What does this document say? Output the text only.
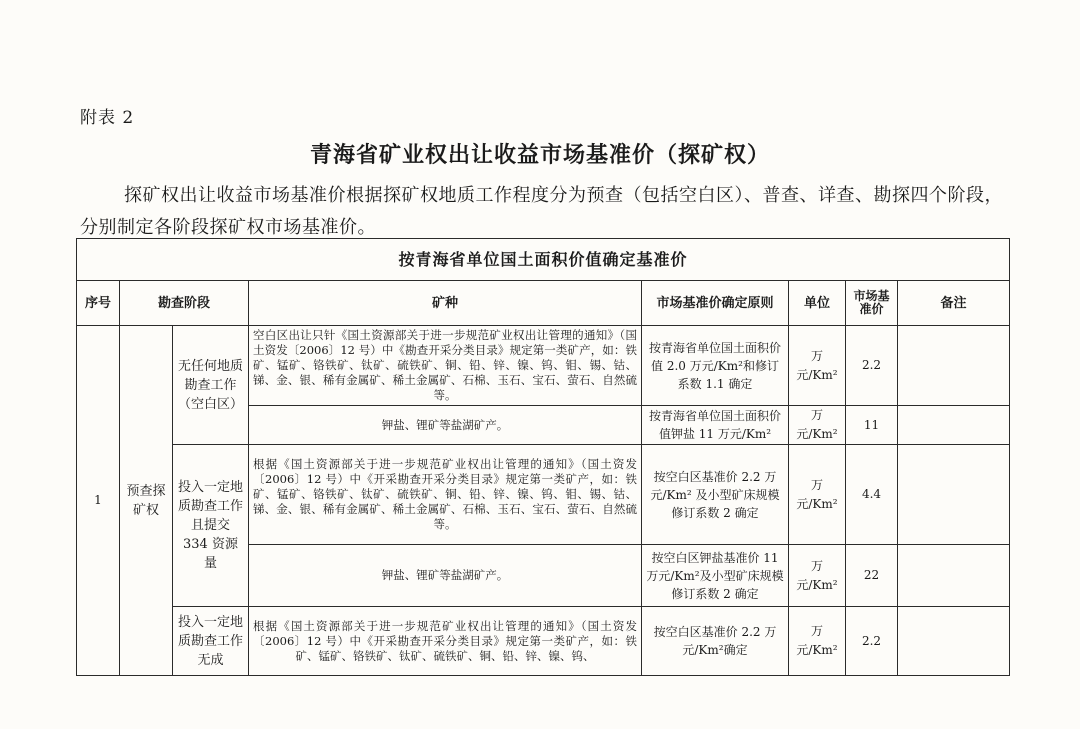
附表 2
青海省矿业权出让收益市场基准价（探矿权）

探矿权出让收益市场基准价根据探矿权地质工作程度分为预查（包括空白区）、普查、详查、勘探四个阶段，分别制定各阶段探矿权市场基准价。

按青海省单位国土面积价值确定基准价							
序号	勘查阶段		矿种	市场基准价确定原则	单位	市场基准价	备注
1	预查探矿权	无任何地质勘查工作（空白区）	空白区出让只针《国土资源部关于进一步规范矿业权出让管理的通知》（国土资发〔2006〕12 号）中《勘查开采分类目录》规定第一类矿产，如：铁矿、锰矿、铬铁矿、钛矿、硫铁矿、铜、铅、锌、镍、钨、钼、锡、钴、锑、金、银、稀有金属矿、稀土金属矿、石棉、玉石、宝石、萤石、自然硫等。	按青海省单位国土面积价值 2.0 万元/Km²和修订系数 1.1 确定	万元/Km²	2.2	
			钾盐、锂矿等盐湖矿产。	按青海省单位国土面积价值钾盐 11 万元/Km²	万元/Km²	11	
		投入一定地质勘查工作且提交 334 资源量	根据《国土资源部关于进一步规范矿业权出让管理的通知》（国土资发〔2006〕12 号）中《开采勘查开采分类目录》规定第一类矿产，如：铁矿、锰矿、铬铁矿、钛矿、硫铁矿、铜、铅、锌、镍、钨、钼、锡、钴、锑、金、银、稀有金属矿、稀土金属矿、石棉、玉石、宝石、萤石、自然硫等。	按空白区基准价 2.2 万元/Km² 及小型矿床规模修订系数 2 确定	万元/Km²	4.4	
			钾盐、锂矿等盐湖矿产。	按空白区钾盐基准价 11 万元/Km²及小型矿床规模修订系数 2 确定	万元/Km²	22	
		投入一定地质勘查工作无成	根据《国土资源部关于进一步规范矿业权出让管理的通知》（国土资发〔2006〕12 号）中《开采勘查开采分类目录》规定第一类矿产，如：铁矿、锰矿、铬铁矿、钛矿、硫铁矿、铜、铅、锌、镍、钨、	按空白区基准价 2.2 万元/Km²确定	万元/Km²	2.2	
